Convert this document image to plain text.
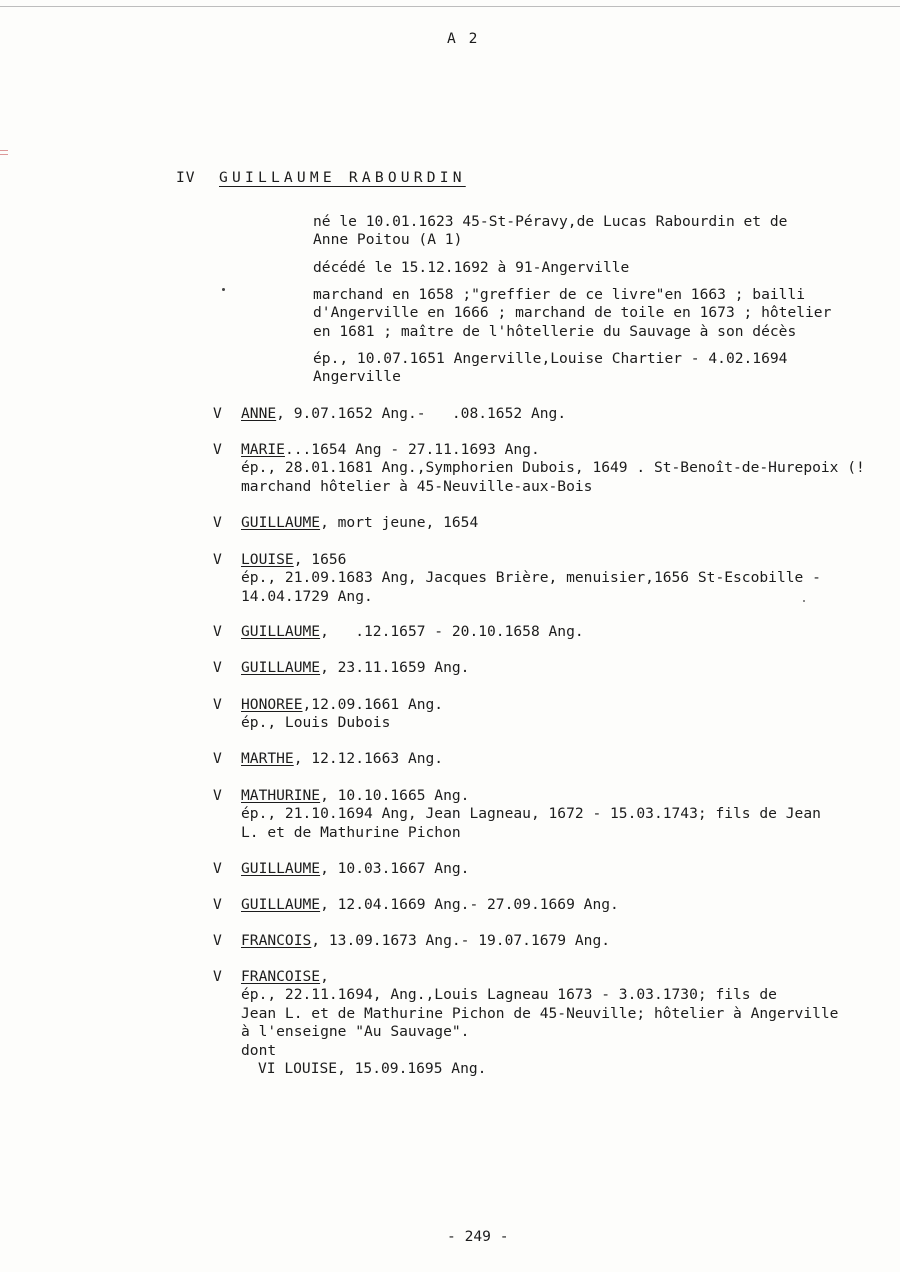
A 2

IV GUILLAUME RABOURDIN

né le 10.01.1623 45-St-Péravy,de Lucas Rabourdin et de

Anne Poitou (A 1)

décédé le 15.12.1692 à 91-Angerville

marchand en 1658 ;"greffier de ce livre"en 1663 ; bailli

d'Angerville en 1666 ; marchand de toile en 1673 ; hôtelier

en 1681 ; maître de l'hôtellerie du Sauvage à son décès

ép., 10.07.1651 Angerville,Louise Chartier - 4.02.1694

Angerville

V ANNE, 9.07.1652 Ang.-   .08.1652 Ang.

V MARIE...1654 Ang - 27.11.1693 Ang.

ép., 28.01.1681 Ang.,Symphorien Dubois, 1649 . St-Benoît-de-Hurepoix (!

marchand hôtelier à 45-Neuville-aux-Bois

V GUILLAUME, mort jeune, 1654

V LOUISE, 1656

ép., 21.09.1683 Ang, Jacques Brière, menuisier,1656 St-Escobille -

14.04.1729 Ang.

V GUILLAUME,   .12.1657 - 20.10.1658 Ang.

V GUILLAUME, 23.11.1659 Ang.

V HONOREE,12.09.1661 Ang.

ép., Louis Dubois

V MARTHE, 12.12.1663 Ang.

V MATHURINE, 10.10.1665 Ang.

ép., 21.10.1694 Ang, Jean Lagneau, 1672 - 15.03.1743; fils de Jean

L. et de Mathurine Pichon

V GUILLAUME, 10.03.1667 Ang.

V GUILLAUME, 12.04.1669 Ang.- 27.09.1669 Ang.

V FRANCOIS, 13.09.1673 Ang.- 19.07.1679 Ang.

V FRANCOISE,

ép., 22.11.1694, Ang.,Louis Lagneau 1673 - 3.03.1730; fils de

Jean L. et de Mathurine Pichon de 45-Neuville; hôtelier à Angerville

à l'enseigne "Au Sauvage".

dont

VI LOUISE, 15.09.1695 Ang.

- 249 -
